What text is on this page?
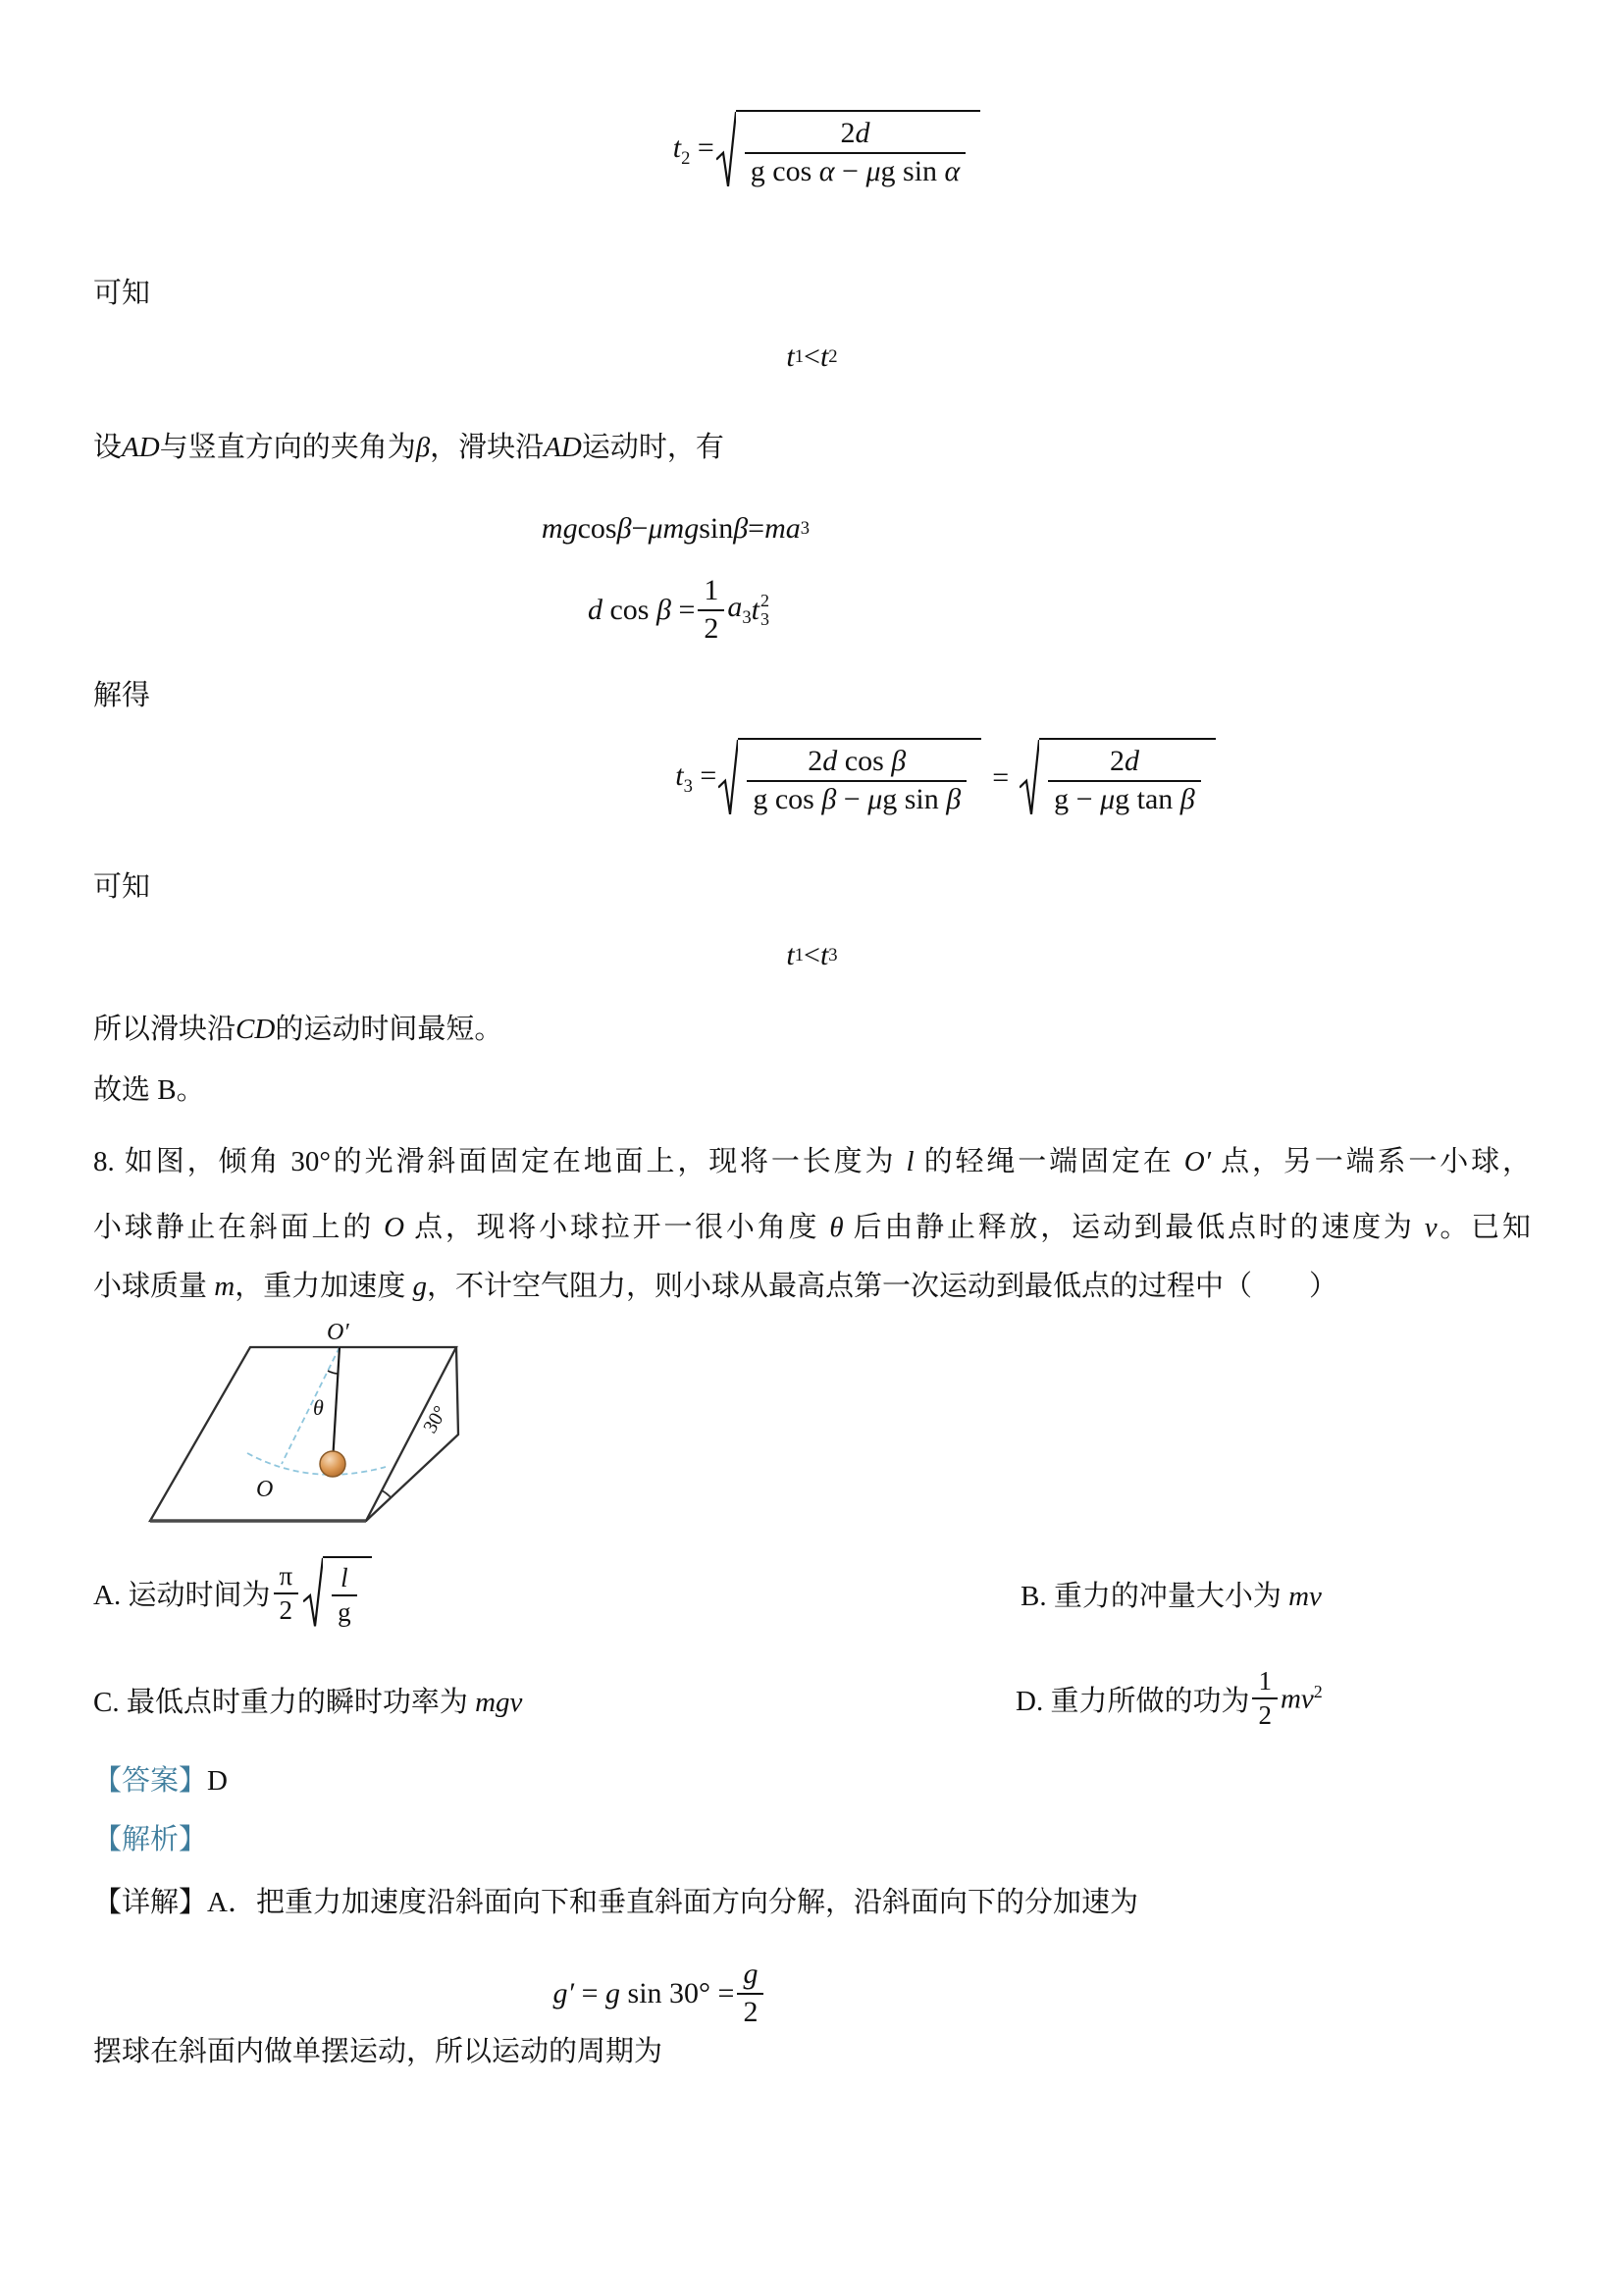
$t_2 = \frac{2d}{\text{g cos α − μg sin α}}$
可知
t 1 < t 2
设AD与竖直方向的夹角为β，滑块沿AD运动时，有
mg cos β − μmg sin β = ma 3
d $\cos \beta = \frac{1}{2} a_3$ t 2
3
解得
$t_3 = \frac{\text{2d cos β}}{\text{g cos β − μg sin β}} = \frac{2d}{\text{g − μg tan β}}$
可知
t 1 < t 3
所以滑块沿CD的运动时间最短。
故选 B。
8. 如图，倾角 30°的光滑斜面固定在地面上，现将一长度为 l 的轻绳一端固定在 O′ 点，另一端系一小球，
小球静止在斜面上的 O 点，现将小球拉开一很小角度 θ 后由静止释放，运动到最低点时的速度为 v。已知
小球质量 m，重力加速度 g，不计空气阻力，则小球从最高点第一次运动到最低点的过程中（　　）
O′
θ
O
30°
A. 运动时间为 $\frac{\pi}{2} \frac{l}{g}$	B. 重力的冲量大小为 mv
C. 最低点时重力的瞬时功率为 mgv	D. 重力所做的功为 $\frac{1}{2} mv^2$
【答案】D
【解析】
【详解】A．把重力加速度沿斜面向下和垂直斜面方向分解，沿斜面向下的分加速为
g′ = g $\sin 30^\circ = \frac{g}{2}$
摆球在斜面内做单摆运动，所以运动的周期为
